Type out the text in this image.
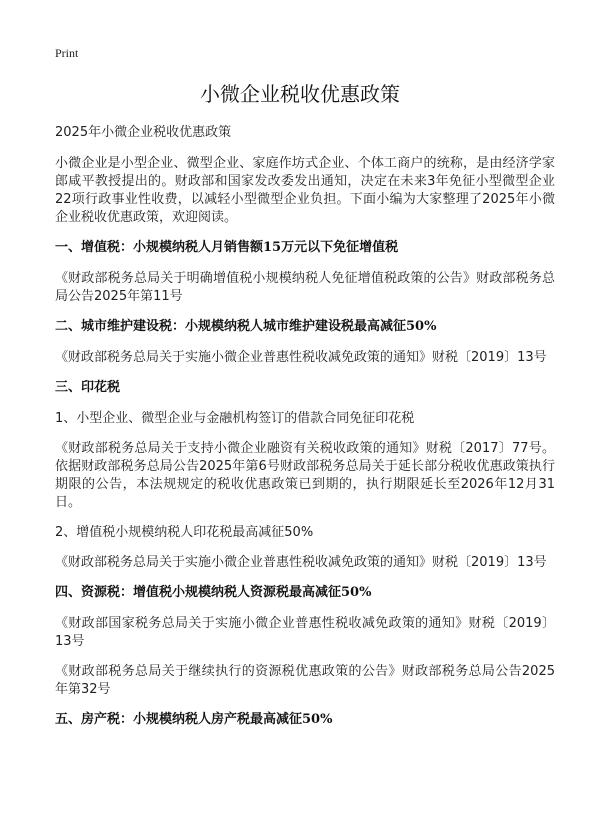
Print
小微企业税收优惠政策

2025年小微企业税收优惠政策

小微企业是小型企业、微型企业、家庭作坊式企业、个体工商户的统称，是由经济学家郎咸平教授提出的。财政部和国家发改委发出通知，决定在未来3年免征小型微型企业22项行政事业性收费，以减轻小型微型企业负担。下面小编为大家整理了2025年小微企业税收优惠政策，欢迎阅读。

一、增值税：小规模纳税人月销售额15万元以下免征增值税

《财政部税务总局关于明确增值税小规模纳税人免征增值税政策的公告》财政部税务总局公告2025年第11号

二、城市维护建设税：小规模纳税人城市维护建设税最高减征50%

《财政部税务总局关于实施小微企业普惠性税收减免政策的通知》财税〔2019〕13号

三、印花税

1、小型企业、微型企业与金融机构签订的借款合同免征印花税

《财政部税务总局关于支持小微企业融资有关税收政策的通知》财税〔2017〕77号。依据财政部税务总局公告2025年第6号财政部税务总局关于延长部分税收优惠政策执行期限的公告，本法规规定的税收优惠政策已到期的，执行期限延长至2026年12月31日。

2、增值税小规模纳税人印花税最高减征50%

《财政部税务总局关于实施小微企业普惠性税收减免政策的通知》财税〔2019〕13号

四、资源税：增值税小规模纳税人资源税最高减征50%

《财政部国家税务总局关于实施小微企业普惠性税收减免政策的通知》财税〔2019〕13号

《财政部税务总局关于继续执行的资源税优惠政策的公告》财政部税务总局公告2025年第32号

五、房产税：小规模纳税人房产税最高减征50%
